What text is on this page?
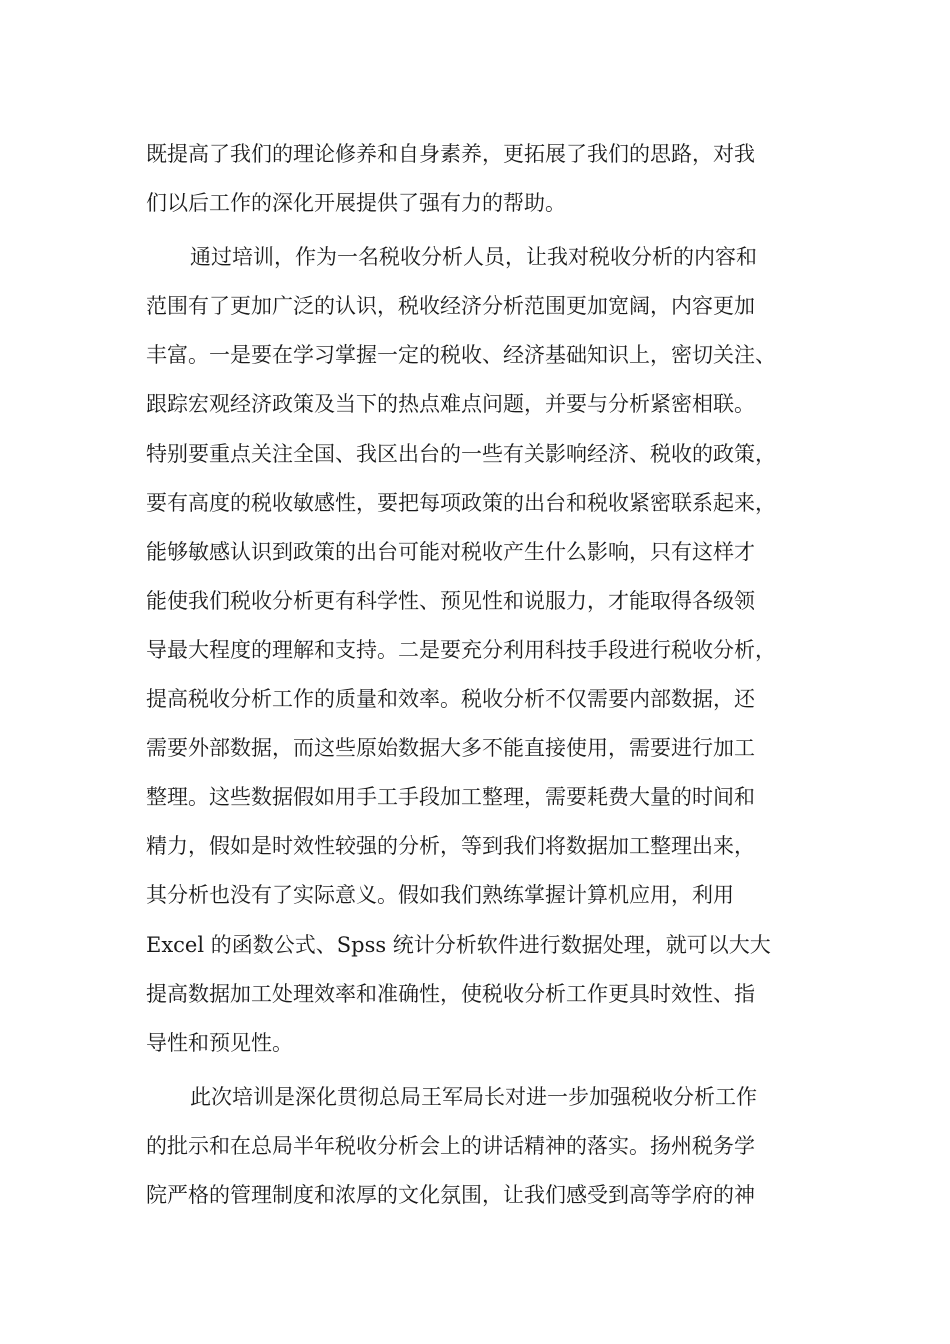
既提高了我们的理论修养和自身素养，更拓展了我们的思路，对我
们以后工作的深化开展提供了强有力的帮助。
通过培训，作为一名税收分析人员，让我对税收分析的内容和
范围有了更加广泛的认识，税收经济分析范围更加宽阔，内容更加
丰富。一是要在学习掌握一定的税收、经济基础知识上，密切关注、
跟踪宏观经济政策及当下的热点难点问题，并要与分析紧密相联。
特别要重点关注全国、我区出台的一些有关影响经济、税收的政策，
要有高度的税收敏感性，要把每项政策的出台和税收紧密联系起来，
能够敏感认识到政策的出台可能对税收产生什么影响，只有这样才
能使我们税收分析更有科学性、预见性和说服力，才能取得各级领
导最大程度的理解和支持。二是要充分利用科技手段进行税收分析，
提高税收分析工作的质量和效率。税收分析不仅需要内部数据，还
需要外部数据，而这些原始数据大多不能直接使用，需要进行加工
整理。这些数据假如用手工手段加工整理，需要耗费大量的时间和
精力，假如是时效性较强的分析，等到我们将数据加工整理出来，
其分析也没有了实际意义。假如我们熟练掌握计算机应用，利用
Excel 的函数公式、Spss 统计分析软件进行数据处理，就可以大大
提高数据加工处理效率和准确性，使税收分析工作更具时效性、指
导性和预见性。
此次培训是深化贯彻总局王军局长对进一步加强税收分析工作
的批示和在总局半年税收分析会上的讲话精神的落实。扬州税务学
院严格的管理制度和浓厚的文化氛围，让我们感受到高等学府的神
